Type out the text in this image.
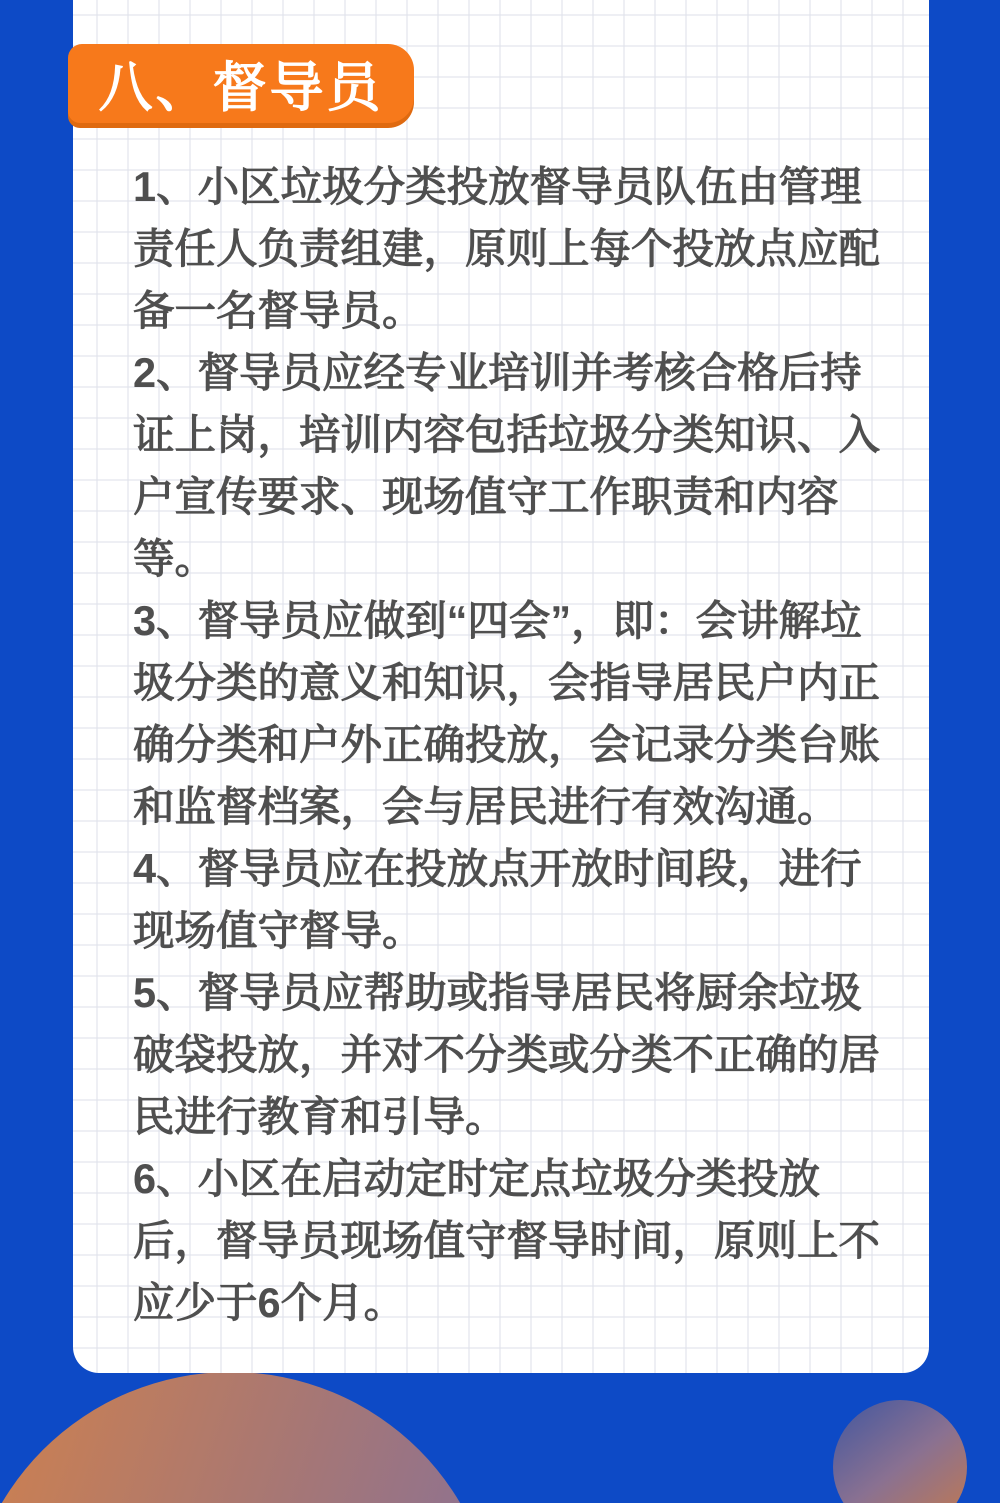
八、督导员

1、小区垃圾分类投放督导员队伍由管理责任人负责组建，原则上每个投放点应配备一名督导员。

2、督导员应经专业培训并考核合格后持证上岗，培训内容包括垃圾分类知识、入户宣传要求、现场值守工作职责和内容等。

3、督导员应做到“四会”，即：会讲解垃圾分类的意义和知识，会指导居民户内正确分类和户外正确投放，会记录分类台账和监督档案，会与居民进行有效沟通。

4、督导员应在投放点开放时间段，进行现场值守督导。

5、督导员应帮助或指导居民将厨余垃圾破袋投放，并对不分类或分类不正确的居民进行教育和引导。

6、小区在启动定时定点垃圾分类投放后，督导员现场值守督导时间，原则上不应少于6个月。
